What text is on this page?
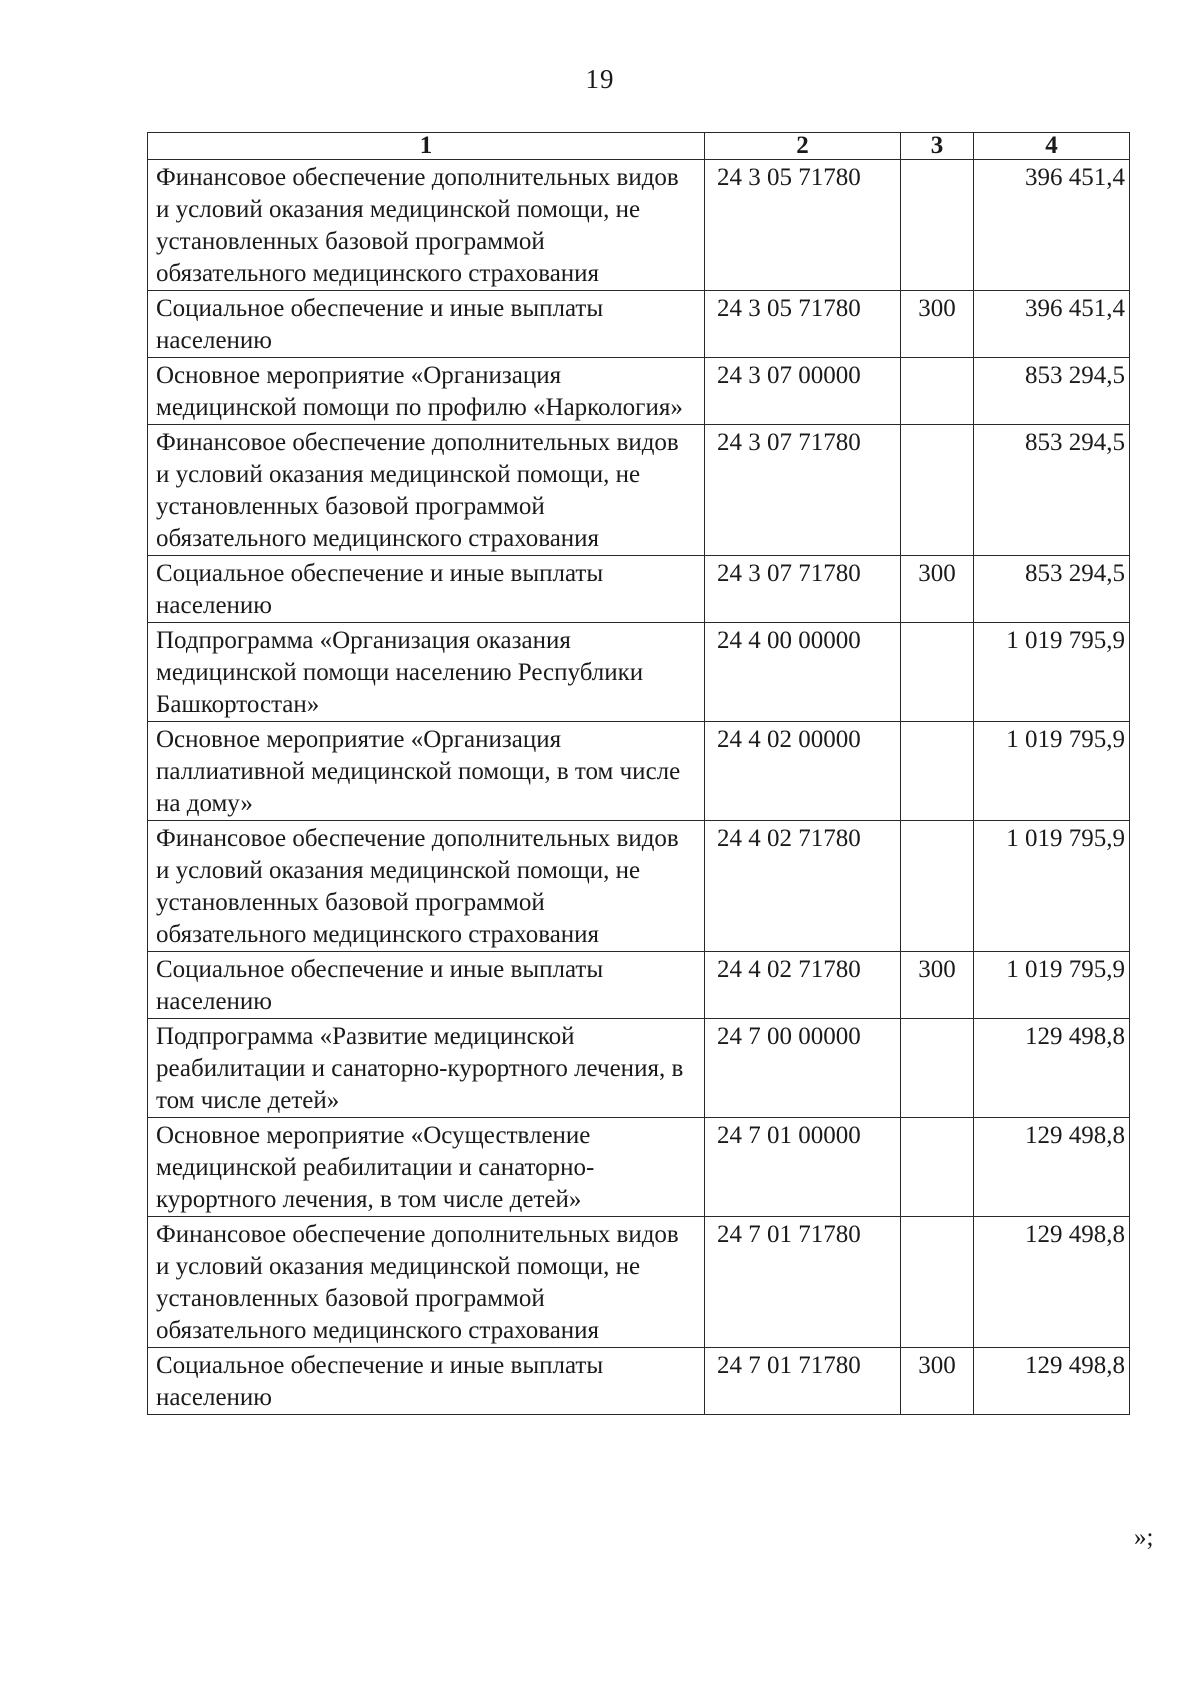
19
1	2	3	4
Финансовое обеспечение дополнительных видов и условий оказания медицинской помощи, не установленных базовой программой обязательного медицинского страхования	24 3 05 71780		396 451,4
Социальное обеспечение и иные выплаты населению	24 3 05 71780	300	396 451,4
Основное мероприятие «Организация медицинской помощи по профилю «Наркология»	24 3 07 00000		853 294,5
Финансовое обеспечение дополнительных видов и условий оказания медицинской помощи, не установленных базовой программой обязательного медицинского страхования	24 3 07 71780		853 294,5
Социальное обеспечение и иные выплаты населению	24 3 07 71780	300	853 294,5
Подпрограмма «Организация оказания медицинской помощи населению Республики Башкортостан»	24 4 00 00000		1 019 795,9
Основное мероприятие «Организация паллиативной медицинской помощи, в том числе на дому»	24 4 02 00000		1 019 795,9
Финансовое обеспечение дополнительных видов и условий оказания медицинской помощи, не установленных базовой программой обязательного медицинского страхования	24 4 02 71780		1 019 795,9
Социальное обеспечение и иные выплаты населению	24 4 02 71780	300	1 019 795,9
Подпрограмма «Развитие медицинской реабилитации и санаторно-курортного лечения, в том числе детей»	24 7 00 00000		129 498,8
Основное мероприятие «Осуществление медицинской реабилитации и санаторно-курортного лечения, в том числе детей»	24 7 01 00000		129 498,8
Финансовое обеспечение дополнительных видов и условий оказания медицинской помощи, не установленных базовой программой обязательного медицинского страхования	24 7 01 71780		129 498,8
Социальное обеспечение и иные выплаты населению	24 7 01 71780	300	129 498,8
»;
